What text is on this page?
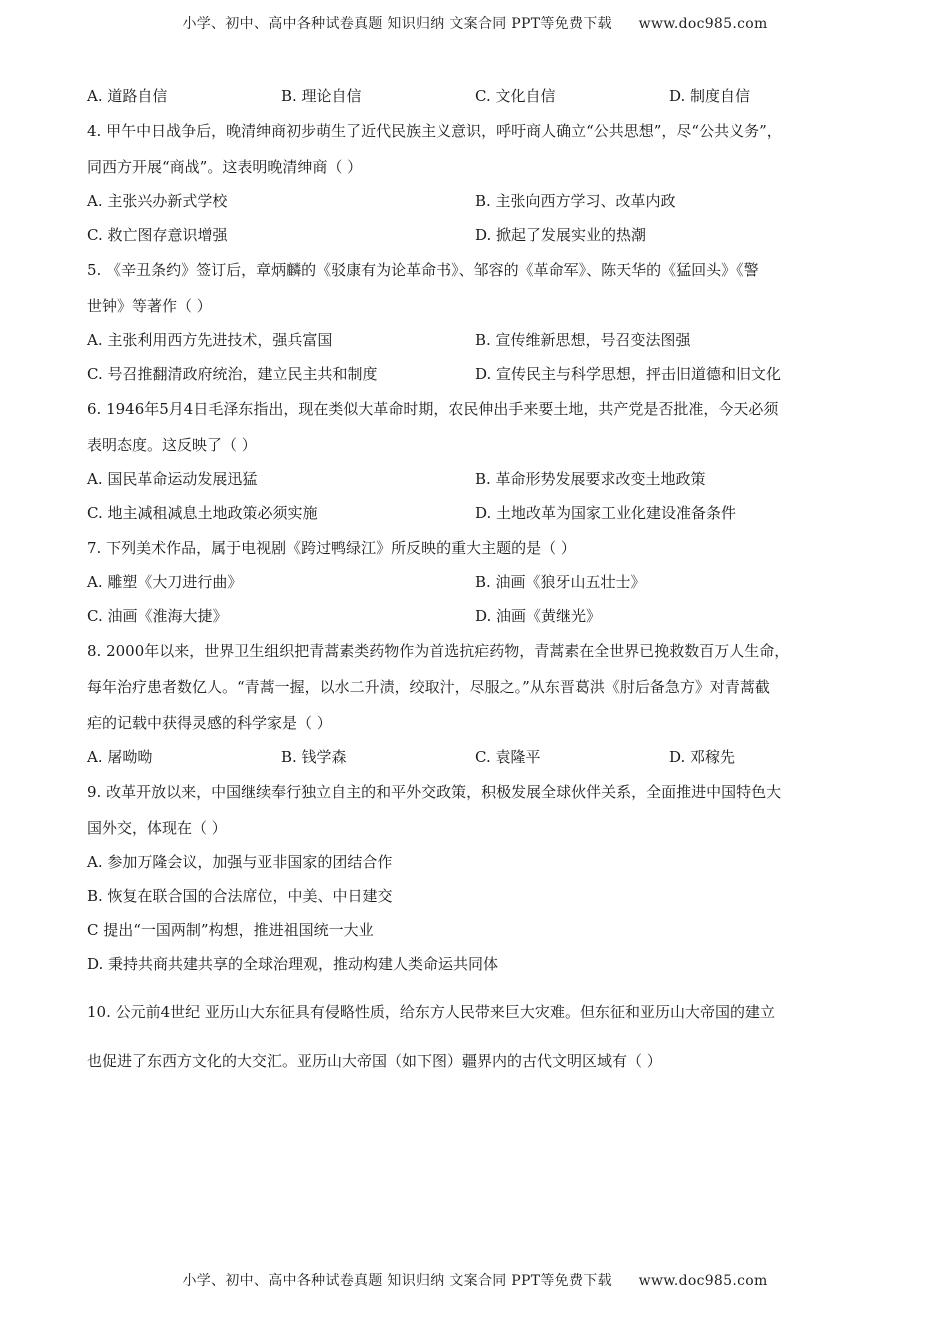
小学、初中、高中各种试卷真题 知识归纳 文案合同 PPT等免费下载 www.doc985.com
A. 道路自信	B. 理论自信	C. 文化自信	D. 制度自信
4. 甲午中日战争后，晚清绅商初步萌生了近代民族主义意识，呼吁商人确立“公共思想”，尽“公共义务”，
同西方开展“商战”。这表明晚清绅商（ ）
A. 主张兴办新式学校	B. 主张向西方学习、改革内政
C. 救亡图存意识增强	D. 掀起了发展实业的热潮
5. 《辛丑条约》签订后，章炳麟的《驳康有为论革命书》、邹容的《革命军》、陈天华的《猛回头》《警
世钟》等著作（ ）
A. 主张利用西方先进技术，强兵富国	B. 宣传维新思想，号召变法图强
C. 号召推翻清政府统治，建立民主共和制度	D. 宣传民主与科学思想，抨击旧道德和旧文化
6. 1946年5月4日毛泽东指出，现在类似大革命时期，农民伸出手来要土地，共产党是否批准，今天必须
表明态度。这反映了（ ）
A. 国民革命运动发展迅猛	B. 革命形势发展要求改变土地政策
C. 地主减租减息土地政策必须实施	D. 土地改革为国家工业化建设准备条件
7. 下列美术作品，属于电视剧《跨过鸭绿江》所反映的重大主题的是（ ）
A. 雕塑《大刀进行曲》	B. 油画《狼牙山五壮士》
C. 油画《淮海大捷》	D. 油画《黄继光》
8. 2000年以来，世界卫生组织把青蒿素类药物作为首选抗疟药物，青蒿素在全世界已挽救数百万人生命，
每年治疗患者数亿人。“青蒿一握，以水二升渍，绞取汁，尽服之。”从东晋葛洪《肘后备急方》对青蒿截
疟的记载中获得灵感的科学家是（ ）
A. 屠呦呦	B. 钱学森	C. 袁隆平	D. 邓稼先
9. 改革开放以来，中国继续奉行独立自主的和平外交政策，积极发展全球伙伴关系，全面推进中国特色大
国外交，体现在（ ）
A. 参加万隆会议，加强与亚非国家的团结合作
B. 恢复在联合国的合法席位，中美、中日建交
C 提出“一国两制”构想，推进祖国统一大业
D. 秉持共商共建共享的全球治理观，推动构建人类命运共同体
10. 公元前4世纪 亚历山大东征具有侵略性质，给东方人民带来巨大灾难。但东征和亚历山大帝国的建立
也促进了东西方文化的大交汇。亚历山大帝国（如下图）疆界内的古代文明区域有（ ）
小学、初中、高中各种试卷真题 知识归纳 文案合同 PPT等免费下载 www.doc985.com
